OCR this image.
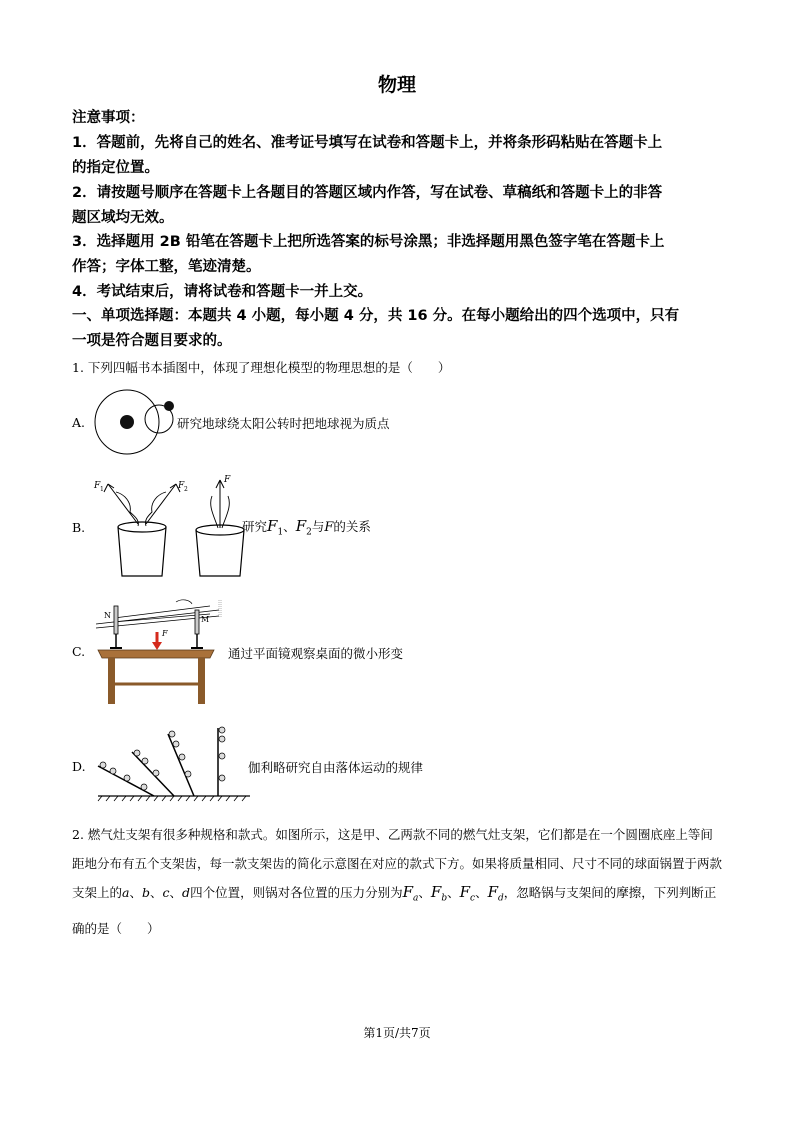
物理
注意事项：
1．答题前，先将自己的姓名、准考证号填写在试卷和答题卡上，并将条形码粘贴在答题卡上
的指定位置。
2．请按题号顺序在答题卡上各题目的答题区域内作答，写在试卷、草稿纸和答题卡上的非答
题区域均无效。
3．选择题用 2B 铅笔在答题卡上把所选答案的标号涂黑；非选择题用黑色签字笔在答题卡上
作答；字体工整，笔迹清楚。
4．考试结束后，请将试卷和答题卡一并上交。
一、单项选择题：本题共 4 小题，每小题 4 分，共 16 分。在每小题给出的四个选项中，只有
一项是符合题目要求的。
1. 下列四幅书本插图中，体现了理想化模型的物理思想的是（　　）
A.	研究地球绕太阳公转时把地球视为质点
B.
F 1	F 2
F
研究$F_1$、$F_2$与F的关系
C.
N	M
F
通过平面镜观察桌面的微小形变
D.	伽利略研究自由落体运动的规律
2. 燃气灶支架有很多种规格和款式。如图所示，这是甲、乙两款不同的燃气灶支架，它们都是在一个圆圈底座上等间距地分布有五个支架齿，每一款支架齿的简化示意图在对应的款式下方。如果将质量相同、尺寸不同的球面锅置于两款支架上的a、b、c、d四个位置，则锅对各位置的压力分别为$F_a$、$F_b$、$F_c$、$F_d$，忽略锅与支架间的摩擦，下列判断正确的是（　　）
第1页/共7页
